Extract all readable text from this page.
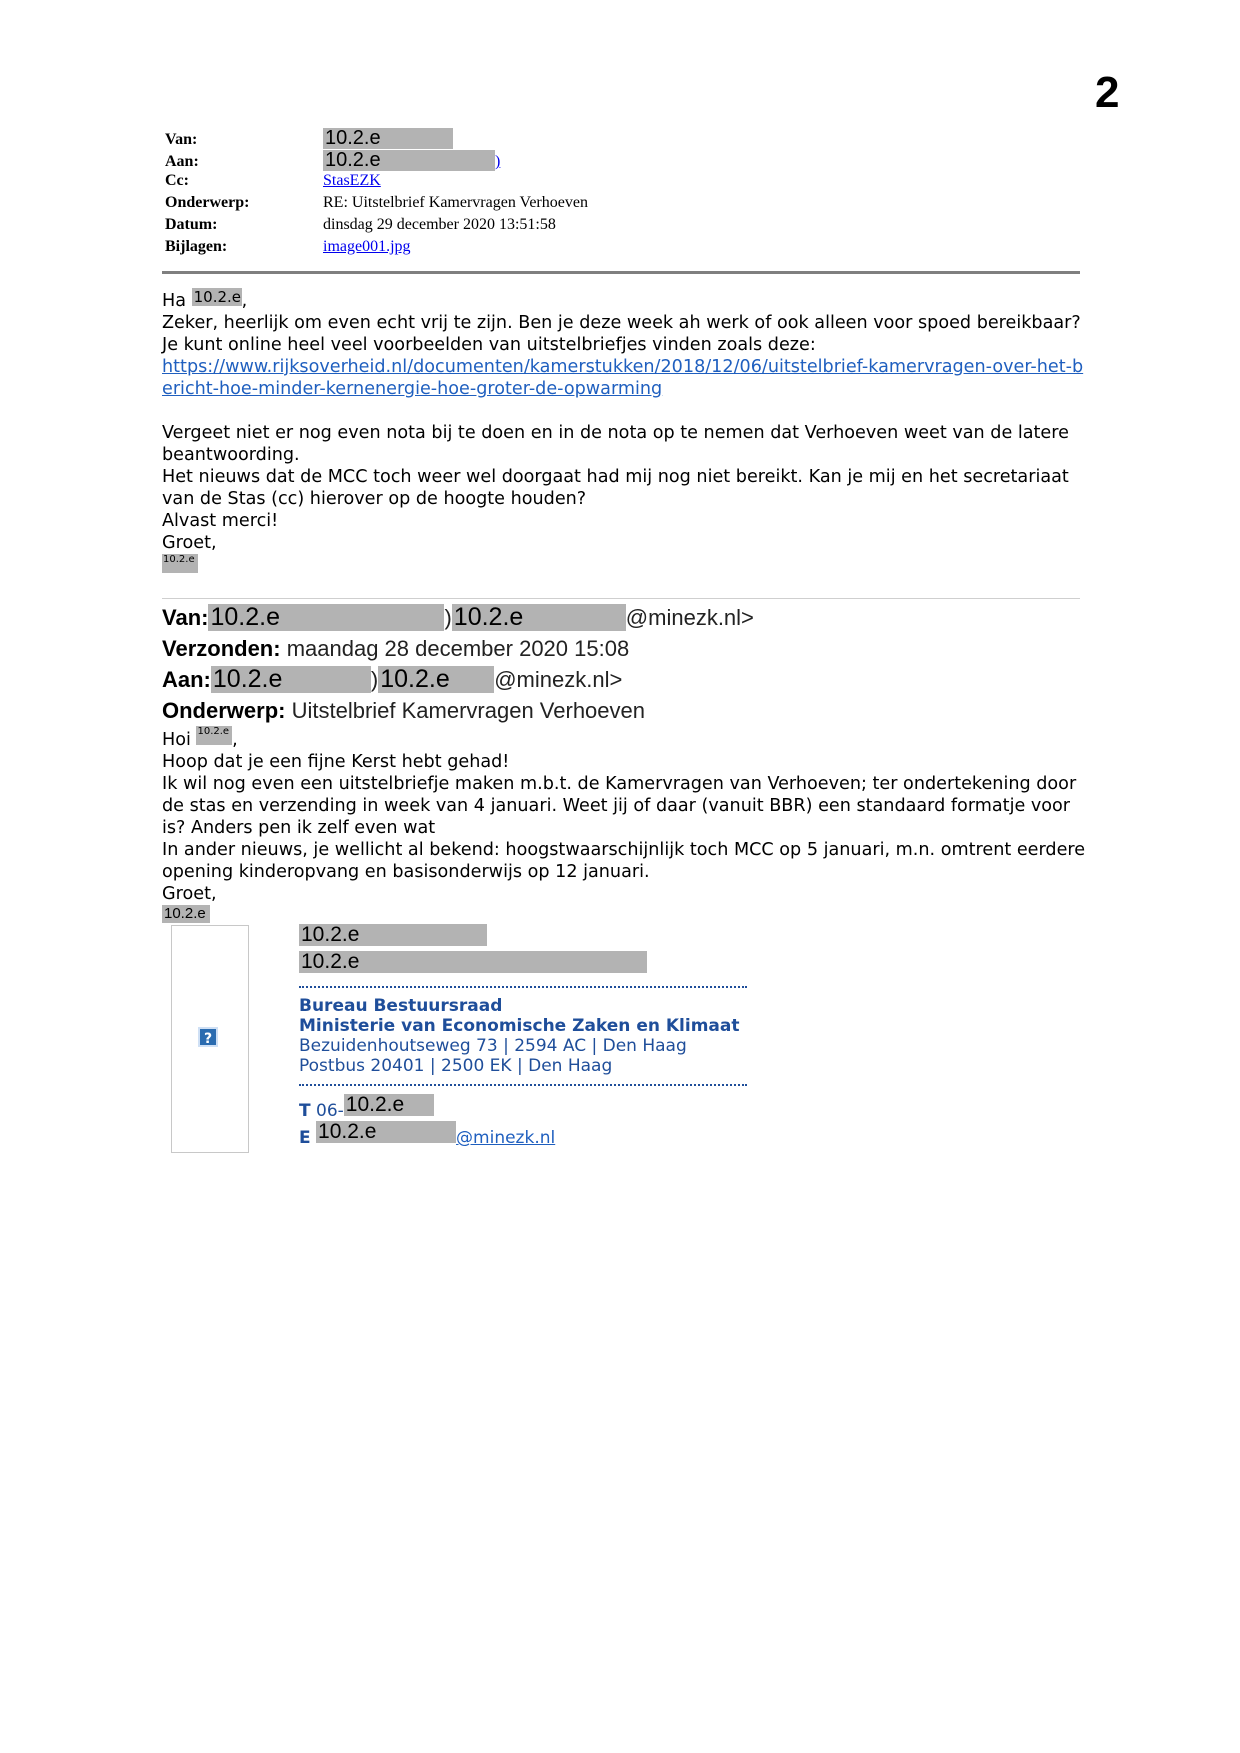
2
Van:	10.2.e
Aan:	10.2.e	)
Cc:	StasEZK
Onderwerp:	RE: Uitstelbrief Kamervragen Verhoeven
Datum:	dinsdag 29 december 2020 13:51:58
Bijlagen:	image001.jpg

Ha 10.2.e,

Zeker, heerlijk om even echt vrij te zijn. Ben je deze week ah werk of ook alleen voor spoed bereikbaar?

Je kunt online heel veel voorbeelden van uitstelbriefjes vinden zoals deze:

https://www.rijksoverheid.nl/documenten/kamerstukken/2018/12/06/uitstelbrief-kamervragen-over-het-bericht-hoe-minder-kernenergie-hoe-groter-de-opwarming

Vergeet niet er nog even nota bij te doen en in de nota op te nemen dat Verhoeven weet van de latere beantwoording.

Het nieuws dat de MCC toch weer wel doorgaat had mij nog niet bereikt. Kan je mij en het secretariaat van de Stas (cc) hierover op de hoogte houden?

Alvast merci!

Groet,

10.2.e

Van: 10.2.e	) 10.2.e	@minezk.nl>
Verzonden:
maandag 28 december 2020 15:08
Aan: 10.2.e	) 10.2.e	@minezk.nl>
Onderwerp:
Uitstelbrief Kamervragen Verhoeven

Hoi 10.2.e ,

Hoop dat je een fijne Kerst hebt gehad!

Ik wil nog even een uitstelbriefje maken m.b.t. de Kamervragen van Verhoeven; ter ondertekening door de stas en verzending in week van 4 januari. Weet jij of daar (vanuit BBR) een standaard formatje voor is? Anders pen ik zelf even wat

In ander nieuws, je wellicht al bekend: hoogstwaarschijnlijk toch MCC op 5 januari, m.n. omtrent eerdere opening kinderopvang en basisonderwijs op 12 januari.

Groet,

10.2.e

?
10.2.e
10.2.e
Bureau Bestuursraad
Ministerie van Economische Zaken en Klimaat
Bezuidenhoutseweg 73 | 2594 AC | Den Haag
Postbus 20401 | 2500 EK | Den Haag
T 06-10.2.e
E 10.2.e	@minezk.nl
